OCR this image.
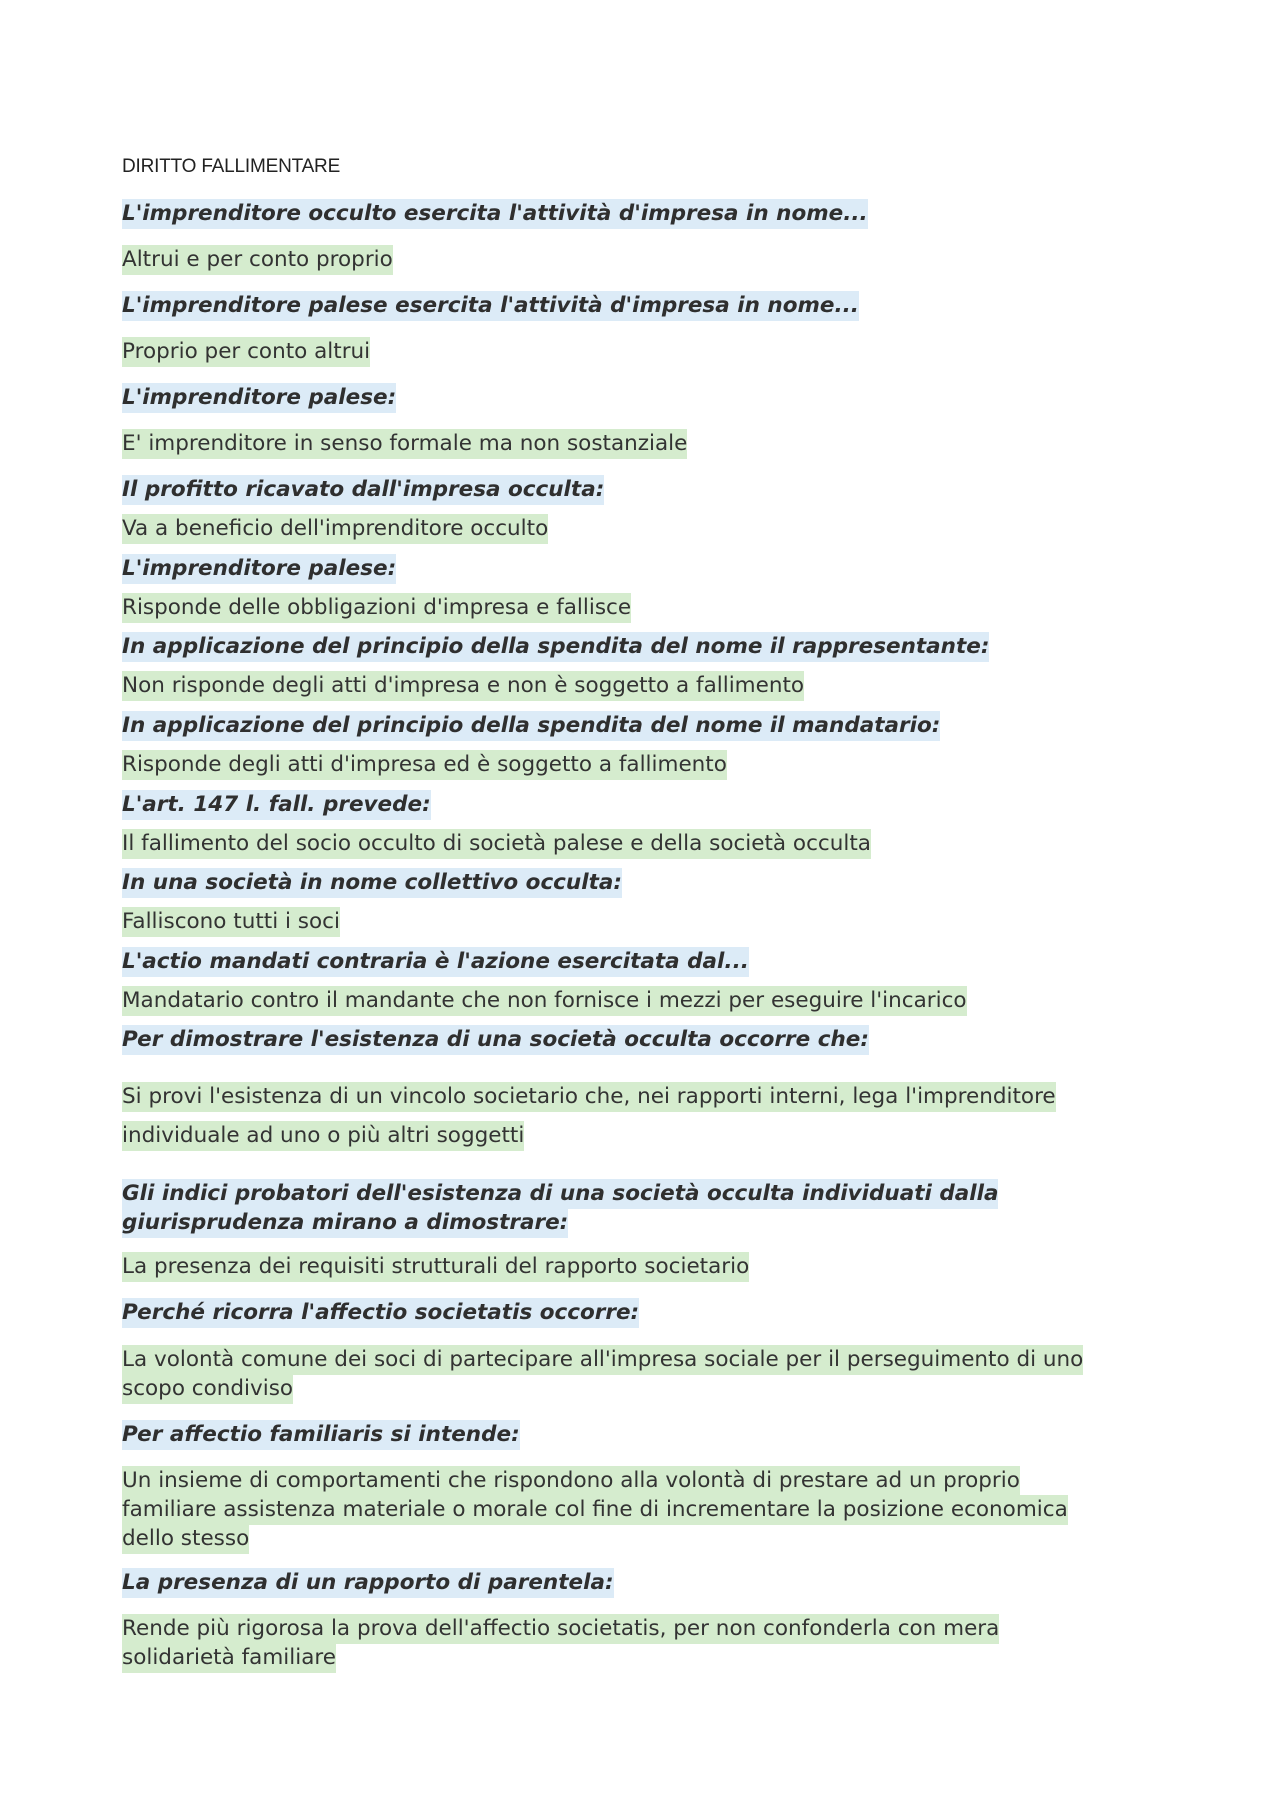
DIRITTO FALLIMENTARE
L'imprenditore occulto esercita l'attività d'impresa in nome...
Altrui e per conto proprio
L'imprenditore palese esercita l'attività d'impresa in nome...
Proprio per conto altrui
L'imprenditore palese:
E' imprenditore in senso formale ma non sostanziale
Il profitto ricavato dall'impresa occulta:
Va a beneficio dell'imprenditore occulto
L'imprenditore palese:
Risponde delle obbligazioni d'impresa e fallisce
In applicazione del principio della spendita del nome il rappresentante:
Non risponde degli atti d'impresa e non è soggetto a fallimento
In applicazione del principio della spendita del nome il mandatario:
Risponde degli atti d'impresa ed è soggetto a fallimento
L'art. 147 l. fall. prevede:
Il fallimento del socio occulto di società palese e della società occulta
In una società in nome collettivo occulta:
Falliscono tutti i soci
L'actio mandati contraria è l'azione esercitata dal...
Mandatario contro il mandante che non fornisce i mezzi per eseguire l'incarico
Per dimostrare l'esistenza di una società occulta occorre che:
Si provi l'esistenza di un vincolo societario che, nei rapporti interni, lega l'imprenditore
individuale ad uno o più altri soggetti
Gli indici probatori dell'esistenza di una società occulta individuati dalla
giurisprudenza mirano a dimostrare:
La presenza dei requisiti strutturali del rapporto societario
Perché ricorra l'affectio societatis occorre:
La volontà comune dei soci di partecipare all'impresa sociale per il perseguimento di uno
scopo condiviso
Per affectio familiaris si intende:
Un insieme di comportamenti che rispondono alla volontà di prestare ad un proprio
familiare assistenza materiale o morale col fine di incrementare la posizione economica
dello stesso
La presenza di un rapporto di parentela:
Rende più rigorosa la prova dell'affectio societatis, per non confonderla con mera
solidarietà familiare
